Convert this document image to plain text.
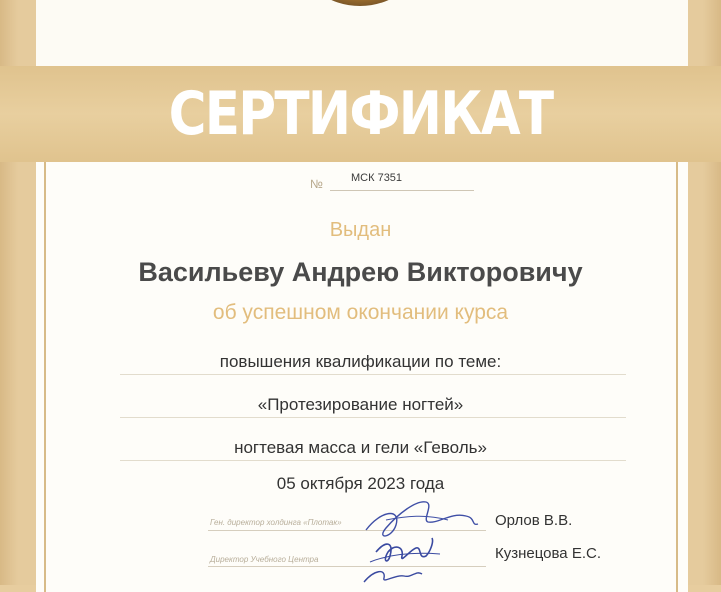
СЕРТИФИКАТ
№	МСК 7351
Выдан
Васильеву Андрею Викторовичу
об успешном окончании курса
повышения квалификации по теме:
«Протезирование ногтей»
ногтевая масса и гели «Геволь»
05 октября 2023 года
Ген. директор холдинга «Плотак»	Орлов В.В.
Директор Учебного Центра	Кузнецова Е.С.
